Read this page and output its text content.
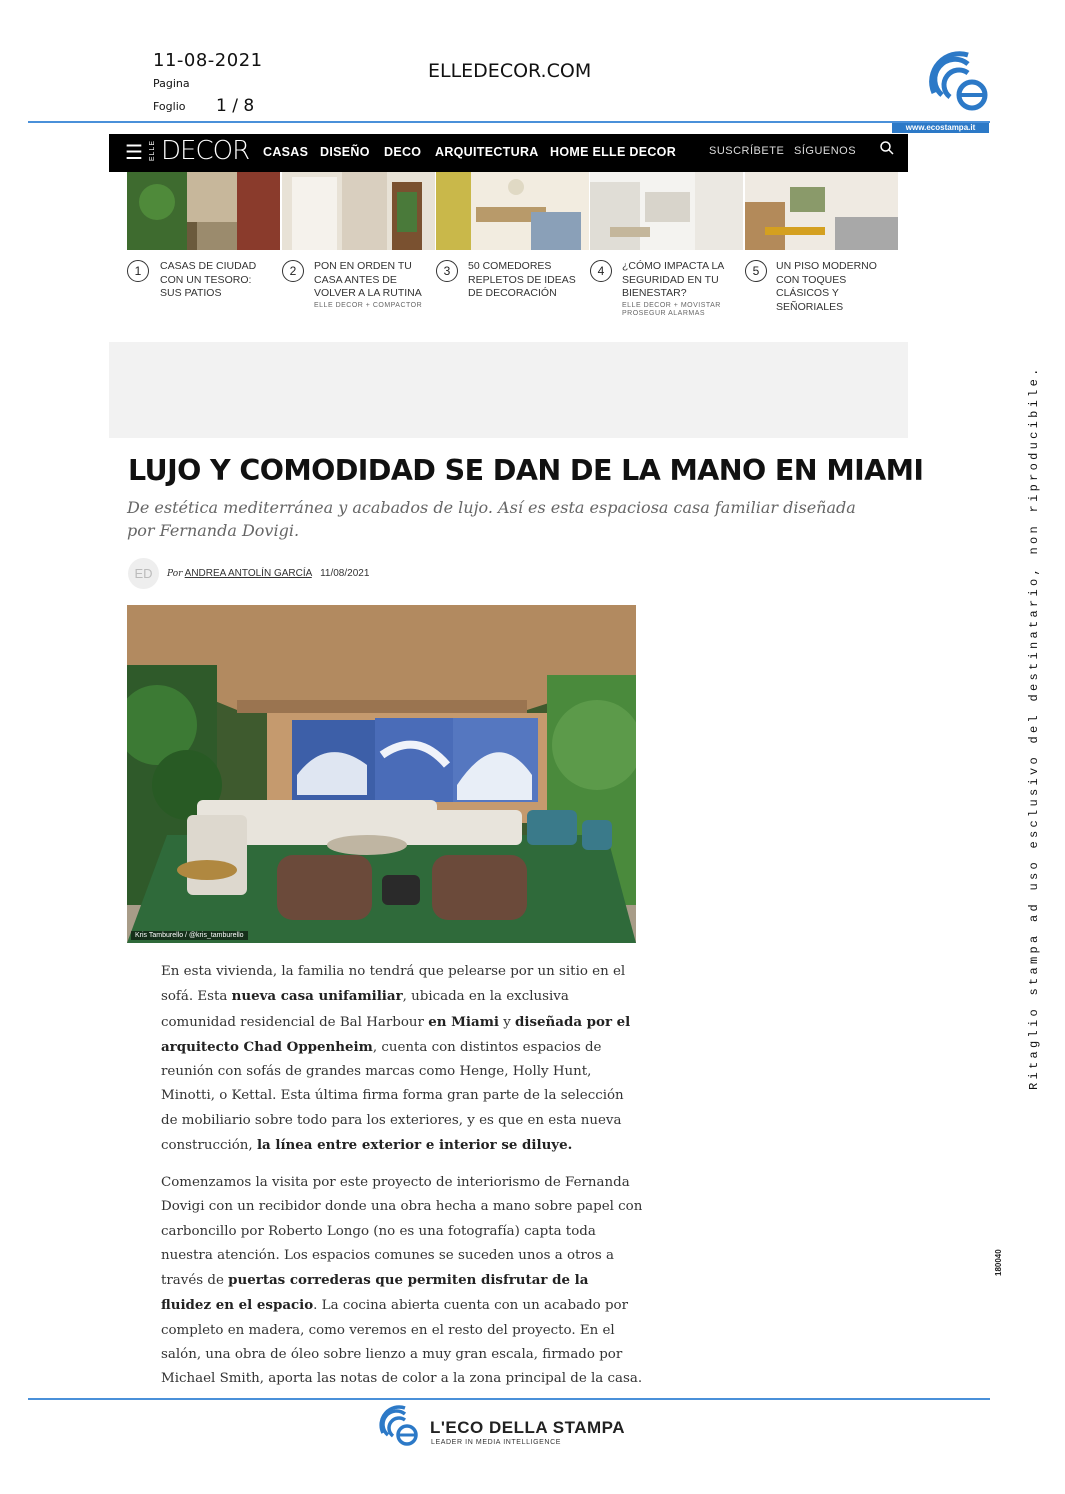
11-08-2021
Pagina
Foglio 1 / 8
ELLEDECOR.COM
www.ecostampa.it
☰ ELLE DECOR CASAS DISEÑO DECO ARQUITECTURA HOME ELLE DECOR	SUSCRÍBETE SÍGUENOS
1	CASAS DE CIUDAD CON UN TESORO: SUS PATIOS
2	PON EN ORDEN TU CASA ANTES DE VOLVER A LA RUTINA
ELLE DECOR + COMPACTOR
3	50 COMEDORES REPLETOS DE IDEAS DE DECORACIÓN
4	¿CÓMO IMPACTA LA SEGURIDAD EN TU BIENESTAR?
ELLE DECOR + MOVISTAR PROSEGUR ALARMAS
5	UN PISO MODERNO CON TOQUES CLÁSICOS Y SEÑORIALES
LUJO Y COMODIDAD SE DAN DE LA MANO EN MIAMI
De estética mediterránea y acabados de lujo. Así es esta espaciosa casa familiar diseñada por Fernanda Dovigi.
ED	Por ANDREA ANTOLÍN GARCÍA 11/08/2021
Kris Tamburello / @kris_tamburello
En esta vivienda, la familia no tendrá que pelearse por un sitio en el sofá. Esta nueva casa unifamiliar, ubicada en la exclusiva comunidad residencial de Bal Harbour en Miami y diseñada por el arquitecto Chad Oppenheim, cuenta con distintos espacios de reunión con sofás de grandes marcas como Henge, Holly Hunt, Minotti, o Kettal. Esta última firma forma gran parte de la selección de mobiliario sobre todo para los exteriores, y es que en esta nueva construcción, la línea entre exterior e interior se diluye.
Comenzamos la visita por este proyecto de interiorismo de Fernanda Dovigi con un recibidor donde una obra hecha a mano sobre papel con carboncillo por Roberto Longo (no es una fotografía) capta toda nuestra atención. Los espacios comunes se suceden unos a otros a través de puertas correderas que permiten disfrutar de la fluidez en el espacio. La cocina abierta cuenta con un acabado por completo en madera, como veremos en el resto del proyecto. En el salón, una obra de óleo sobre lienzo a muy gran escala, firmado por Michael Smith, aporta las notas de color a la zona principal de la casa.
Ritaglio stampa ad uso esclusivo del destinatario, non riproducibile.
180040
L'ECO DELLA STAMPA
LEADER IN MEDIA INTELLIGENCE
